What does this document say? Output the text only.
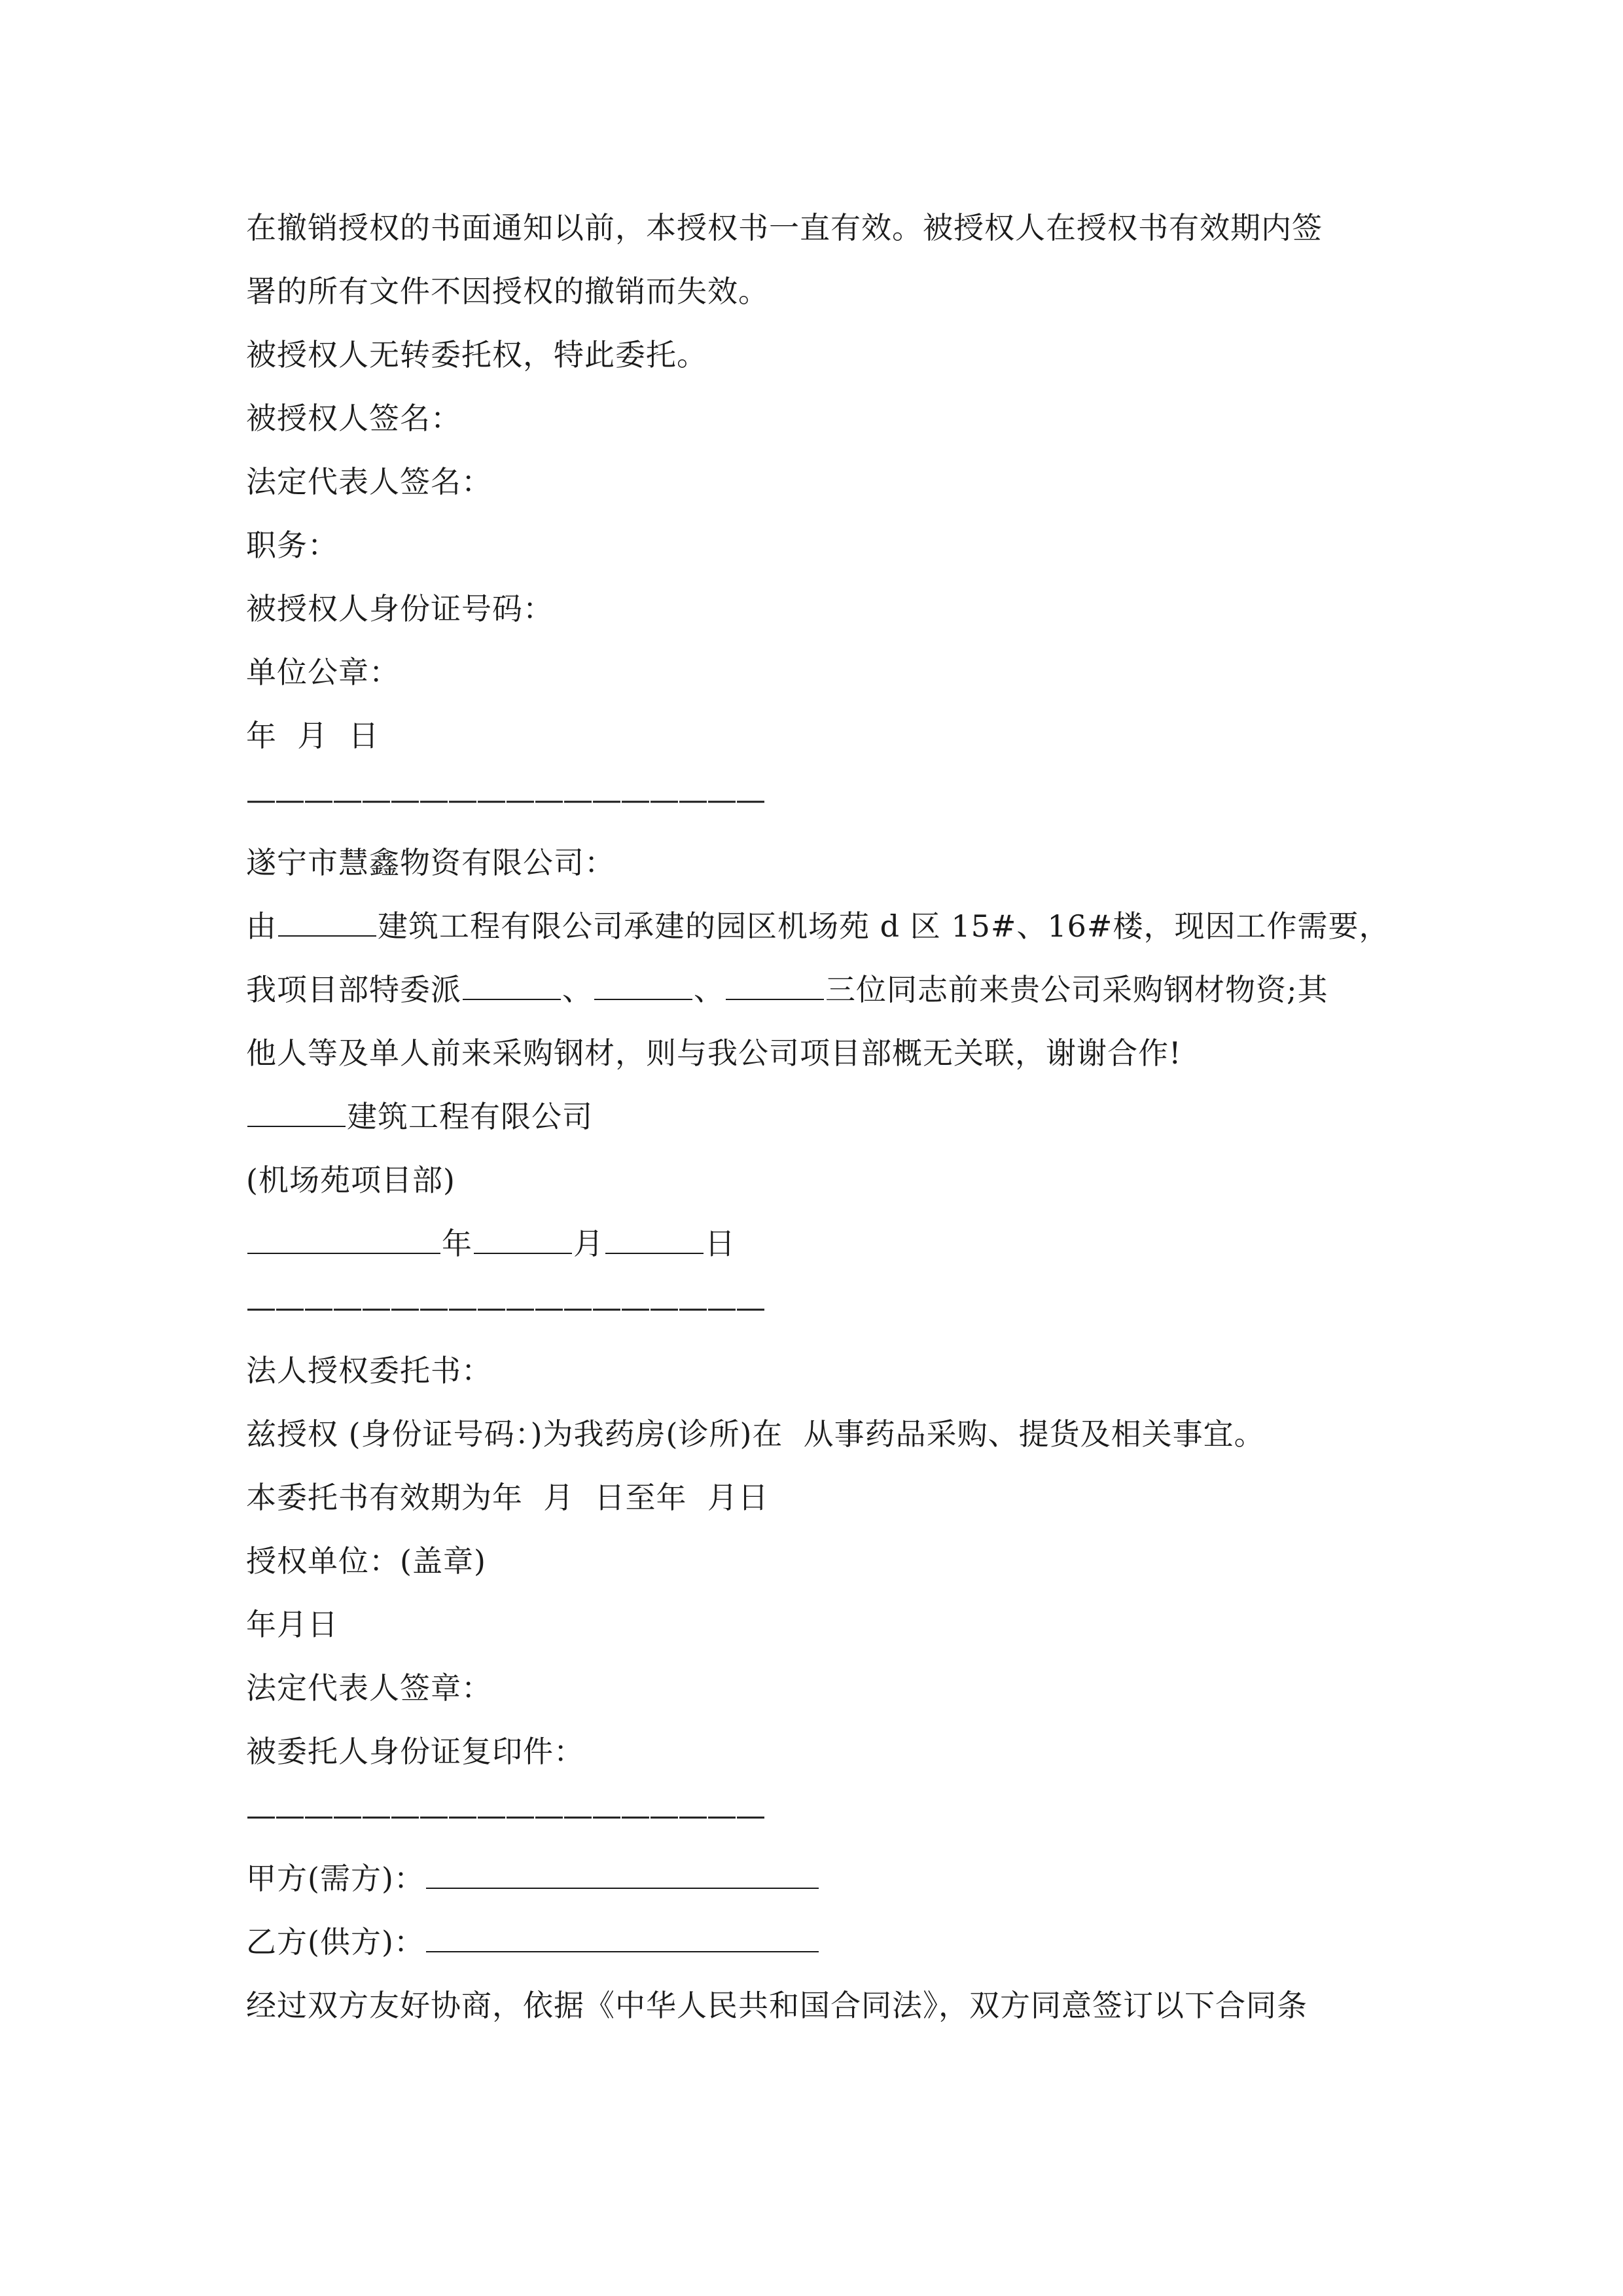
在撤销授权的书面通知以前，本授权书一直有效。被授权人在授权书有效期内签
署的所有文件不因授权的撤销而失效。
被授权人无转委托权，特此委托。
被授权人签名：
法定代表人签名：
职务：
被授权人身份证号码：
单位公章：
年  月  日
——————————————————
遂宁市慧鑫物资有限公司：
由	建筑工程有限公司承建的园区机场苑 d 区 15#、16#楼，现因工作需要，
我项目部特委派	、	、	三位同志前来贵公司采购钢材物资;其
他人等及单人前来采购钢材，则与我公司项目部概无关联，谢谢合作!
建筑工程有限公司
(机场苑项目部)
年	月	日
——————————————————
法人授权委托书：
兹授权 (身份证号码：)为我药房(诊所)在  从事药品采购、提货及相关事宜。
本委托书有效期为年  月  日至年  月日
授权单位：(盖章)
年月日
法定代表人签章：
被委托人身份证复印件：
——————————————————
甲方(需方)：
乙方(供方)：
经过双方友好协商，依据《中华人民共和国合同法》，双方同意签订以下合同条
